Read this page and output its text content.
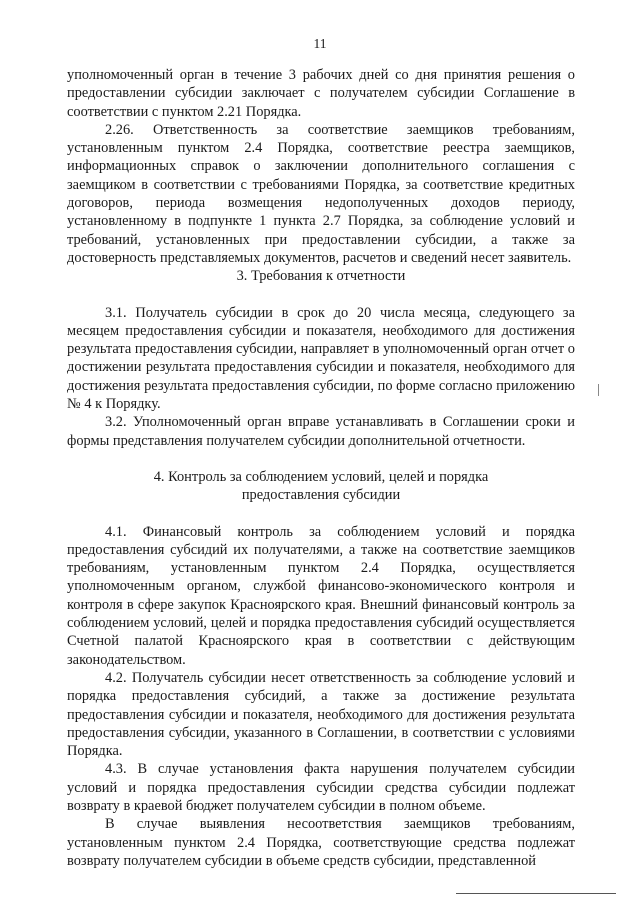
11

уполномоченный орган в течение 3 рабочих дней со дня принятия решения о предоставлении субсидии заключает с получателем субсидии Соглашение в соответствии с пунктом 2.21 Порядка.

2.26. Ответственность за соответствие заемщиков требованиям, установленным пунктом 2.4 Порядка, соответствие реестра заемщиков, информационных справок о заключении дополнительного соглашения с заемщиком в соответствии с требованиями Порядка, за соответствие кредитных договоров, периода возмещения недополученных доходов периоду, установленному в подпункте 1 пункта 2.7 Порядка, за соблюдение условий и требований, установленных при предоставлении субсидии, а также за достоверность представляемых документов, расчетов и сведений несет заявитель.

3. Требования к отчетности

3.1. Получатель субсидии в срок до 20 числа месяца, следующего за месяцем предоставления субсидии и показателя, необходимого для достижения результата предоставления субсидии, направляет в уполномоченный орган отчет о достижении результата предоставления субсидии и показателя, необходимого для достижения результата предоставления субсидии, по форме согласно приложению № 4 к Порядку.

3.2. Уполномоченный орган вправе устанавливать в Соглашении сроки и формы представления получателем субсидии дополнительной отчетности.

4. Контроль за соблюдением условий, целей и порядка

предоставления субсидии

4.1. Финансовый контроль за соблюдением условий и порядка предоставления субсидий их получателями, а также на соответствие заемщиков требованиям, установленным пунктом 2.4 Порядка, осуществляется уполномоченным органом, службой финансово-экономического контроля и контроля в сфере закупок Красноярского края. Внешний финансовый контроль за соблюдением условий, целей и порядка предоставления субсидий осуществляется Счетной палатой Красноярского края в соответствии с действующим законодательством.

4.2. Получатель субсидии несет ответственность за соблюдение условий и порядка предоставления субсидий, а также за достижение результата предоставления субсидии и показателя, необходимого для достижения результата предоставления субсидии, указанного в Соглашении, в соответствии с условиями Порядка.

4.3. В случае установления факта нарушения получателем субсидии условий и порядка предоставления субсидии средства субсидии подлежат возврату в краевой бюджет получателем субсидии в полном объеме.

В случае выявления несоответствия заемщиков требованиям, установленным пунктом 2.4 Порядка, соответствующие средства подлежат возврату получателем субсидии в объеме средств субсидии, представленной
